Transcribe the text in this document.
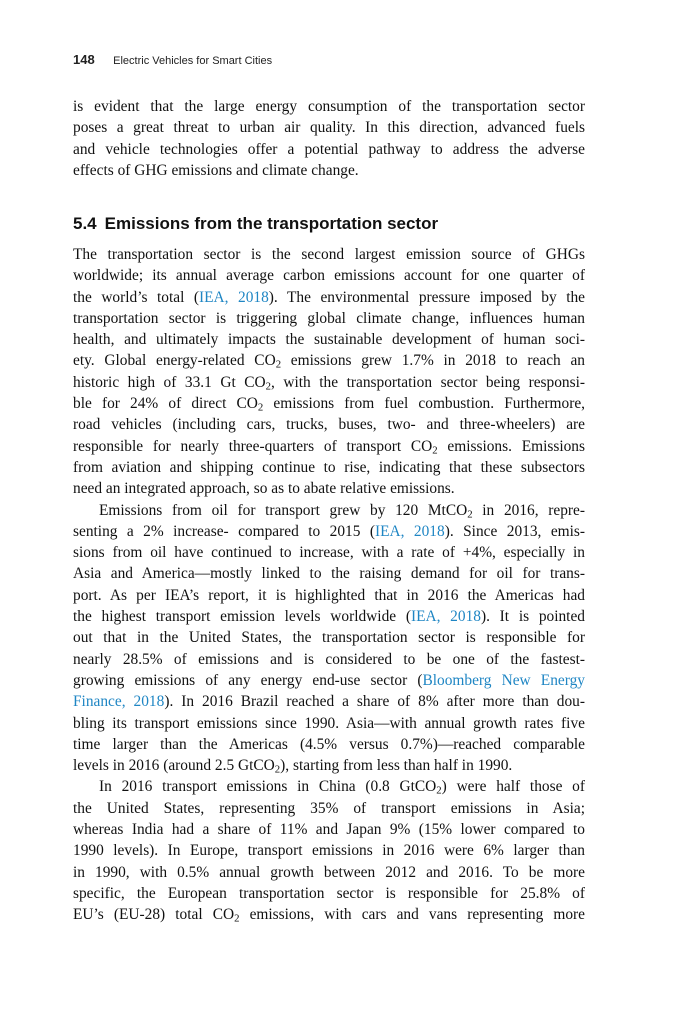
148 Electric Vehicles for Smart Cities
is evident that the large energy consumption of the transportation sector
poses a great threat to urban air quality. In this direction, advanced fuels
and vehicle technologies offer a potential pathway to address the adverse
effects of GHG emissions and climate change.
5.4 Emissions from the transportation sector
The transportation sector is the second largest emission source of GHGs
worldwide; its annual average carbon emissions account for one quarter of
the world’s total (IEA, 2018). The environmental pressure imposed by the
transportation sector is triggering global climate change, influences human
health, and ultimately impacts the sustainable development of human soci-
ety. Global energy-related $CO_2$ emissions grew 1.7% in 2018 to reach an
historic high of 33.1 Gt $CO_2$, with the transportation sector being responsi-
ble for 24% of direct $CO_2$ emissions from fuel combustion. Furthermore,
road vehicles (including cars, trucks, buses, two- and three-wheelers) are
responsible for nearly three-quarters of transport $CO_2$ emissions. Emissions
from aviation and shipping continue to rise, indicating that these subsectors
need an integrated approach, so as to abate relative emissions.
Emissions from oil for transport grew by 120 MtCO$_2$ in 2016, repre-
senting a 2% increase- compared to 2015 (IEA, 2018). Since 2013, emis-
sions from oil have continued to increase, with a rate of +4%, especially in
Asia and America—mostly linked to the raising demand for oil for trans-
port. As per IEA’s report, it is highlighted that in 2016 the Americas had
the highest transport emission levels worldwide (IEA, 2018). It is pointed
out that in the United States, the transportation sector is responsible for
nearly 28.5% of emissions and is considered to be one of the fastest-
growing emissions of any energy end-use sector (Bloomberg New Energy
Finance, 2018). In 2016 Brazil reached a share of 8% after more than dou-
bling its transport emissions since 1990. Asia—with annual growth rates five
time larger than the Americas (4.5% versus 0.7%)—reached comparable
levels in 2016 (around 2.5 GtCO$_2$), starting from less than half in 1990.
In 2016 transport emissions in China (0.8 GtCO$_2$) were half those of
the United States, representing 35% of transport emissions in Asia;
whereas India had a share of 11% and Japan 9% (15% lower compared to
1990 levels). In Europe, transport emissions in 2016 were 6% larger than
in 1990, with 0.5% annual growth between 2012 and 2016. To be more
specific, the European transportation sector is responsible for 25.8% of
EU’s (EU-28) total $CO_2$ emissions, with cars and vans representing more
